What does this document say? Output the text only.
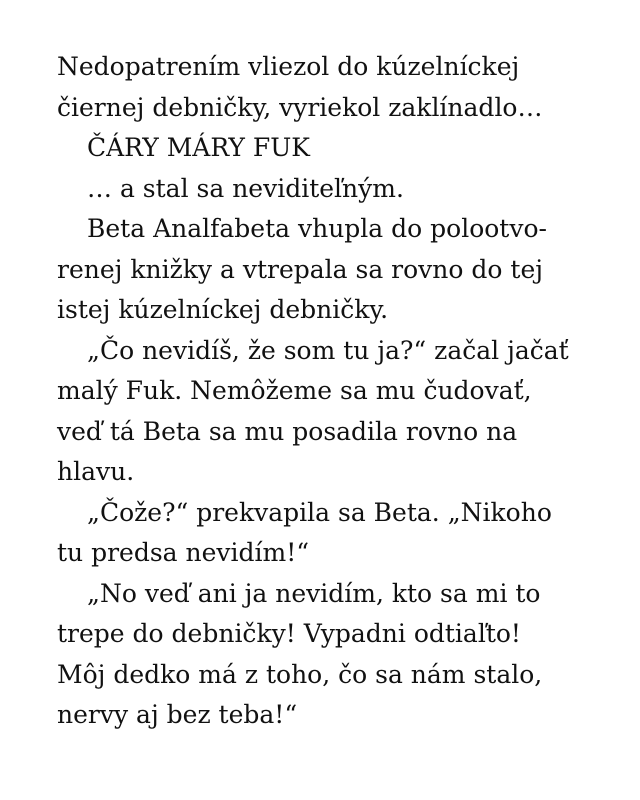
Nedopatrením vliezol do kúzelníckej
čiernej debničky, vyriekol zaklínadlo…
ČÁRY MÁRY FUK
… a stal sa neviditeľným.
Beta Analfabeta vhupla do polootvo-
renej knižky a vtrepala sa rovno do tej
istej kúzelníckej debničky.
„Čo nevidíš, že som tu ja?“ začal jačať
malý Fuk. Nemôžeme sa mu čudovať,
veď tá Beta sa mu posadila rovno na
hlavu.
„Čože?“ prekvapila sa Beta. „Nikoho
tu predsa nevidím!“
„No veď ani ja nevidím, kto sa mi to
trepe do debničky! Vypadni odtiaľto!
Môj dedko má z toho, čo sa nám stalo,
nervy aj bez teba!“
